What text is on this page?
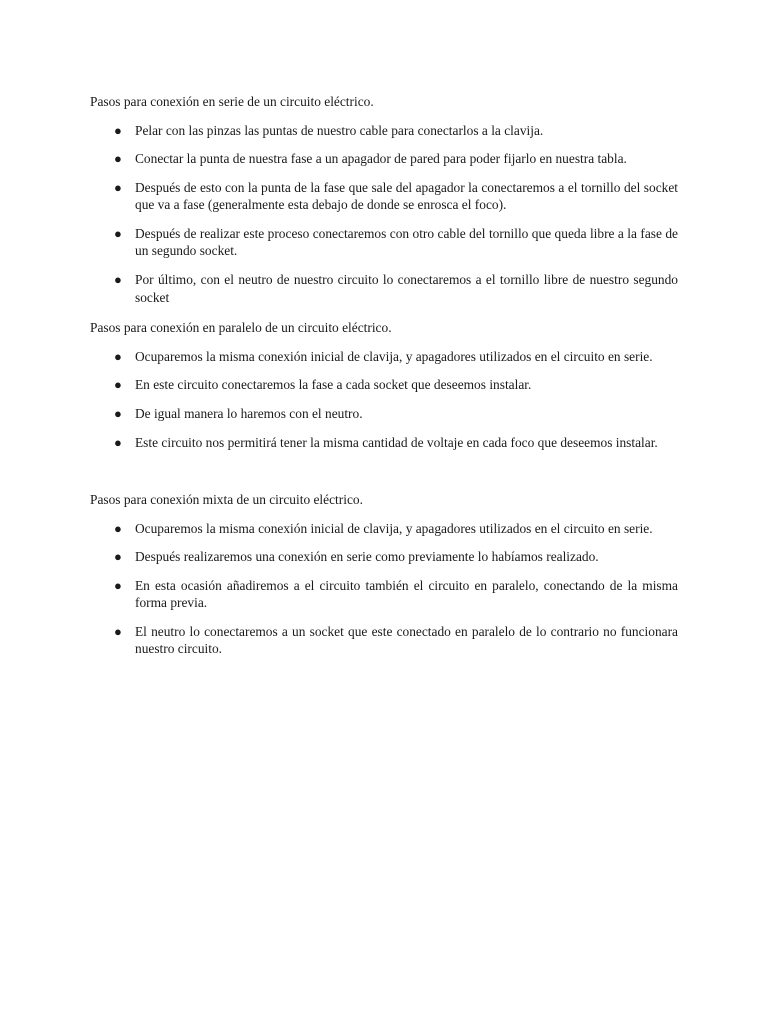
Pasos para conexión en serie de un circuito eléctrico.

● Pelar con las pinzas las puntas de nuestro cable para conectarlos a la clavija.
● Conectar la punta de nuestra fase a un apagador de pared para poder fijarlo en nuestra tabla.
● Después de esto con la punta de la fase que sale del apagador la conectaremos a el tornillo del socket que va a fase (generalmente esta debajo de donde se enrosca el foco).
● Después de realizar este proceso conectaremos con otro cable del tornillo que queda libre a la fase de un segundo socket.
● Por último, con el neutro de nuestro circuito lo conectaremos a el tornillo libre de nuestro segundo socket

Pasos para conexión en paralelo de un circuito eléctrico.

● Ocuparemos la misma conexión inicial de clavija, y apagadores utilizados en el circuito en serie.
● En este circuito conectaremos la fase a cada socket que deseemos instalar.
● De igual manera lo haremos con el neutro.
● Este circuito nos permitirá tener la misma cantidad de voltaje en cada foco que deseemos instalar.

Pasos para conexión mixta de un circuito eléctrico.

● Ocuparemos la misma conexión inicial de clavija, y apagadores utilizados en el circuito en serie.
● Después realizaremos una conexión en serie como previamente lo habíamos realizado.
● En esta ocasión añadiremos a el circuito también el circuito en paralelo, conectando de la misma forma previa.
● El neutro lo conectaremos a un socket que este conectado en paralelo de lo contrario no funcionara nuestro circuito.
